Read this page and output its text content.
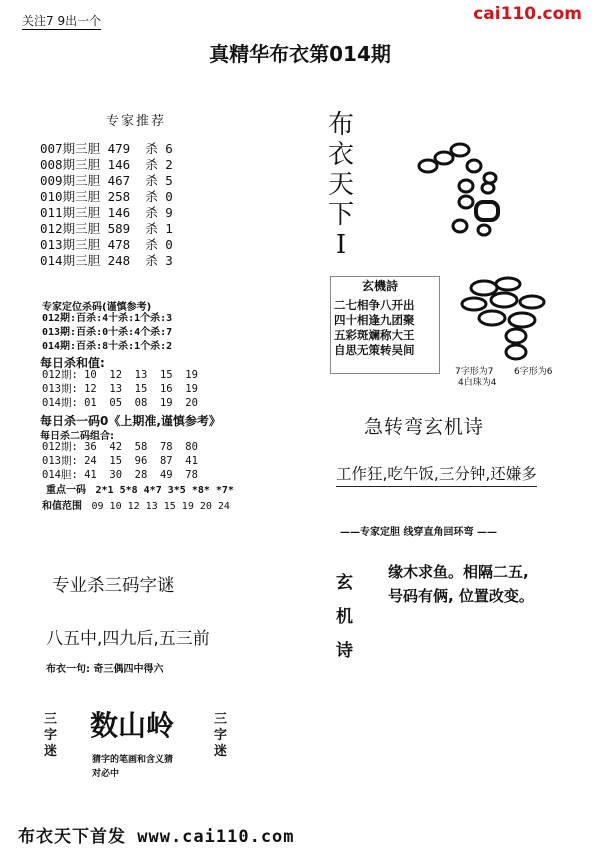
关注7 9出一个	cai110.com
真精华布衣第014期
专家推荐
007期三胆 479  杀 6
008期三胆 146  杀 2
009期三胆 467  杀 5
010期三胆 258  杀 0
011期三胆 146  杀 9
012期三胆 589  杀 1
013期三胆 478  杀 0
014期三胆 248  杀 3
专家定位杀码(谨慎参考)
012期:百杀:4十杀:1个杀:3
013期:百杀:0十杀:4个杀:7
014期:百杀:8十杀:1个杀:2
每日杀和值:
012期: 10  12  13  15  19
013期: 12  13  15  16  19
014期: 01  05  08  19  20
每日杀一码0《上期准,谨慎参考》
每日杀二码组合:
012期: 36  42  58  78  80
013期: 24  15  96  87  41
014胆: 41  30  28  49  78
重点一码 2*1 5*8 4*7 3*5 *8* *7*
和值范围 09 10 12 13 15 19 20 24
布
衣
天
下
I
玄機詩
二七相争八开出
四十相逢九团聚
五彩斑斓称大王
自思无策转吴间
7字形为7 6字形为6
4白珠为4
急转弯玄机诗
工作狂,吃午饭,三分钟,还嫌多
——专家定胆 线穿直角回环弯 ——
玄
机
诗
缘木求鱼。相隔二五,
号码有俩, 位置改变。
专业杀三码字谜
八五中,四九后,五三前
布衣一句: 奇三偶四中得六
三
字
迷
数山岭
猜字的笔画和含义猜
对必中
三
字
迷
布衣天下首发 www.cai110.com
